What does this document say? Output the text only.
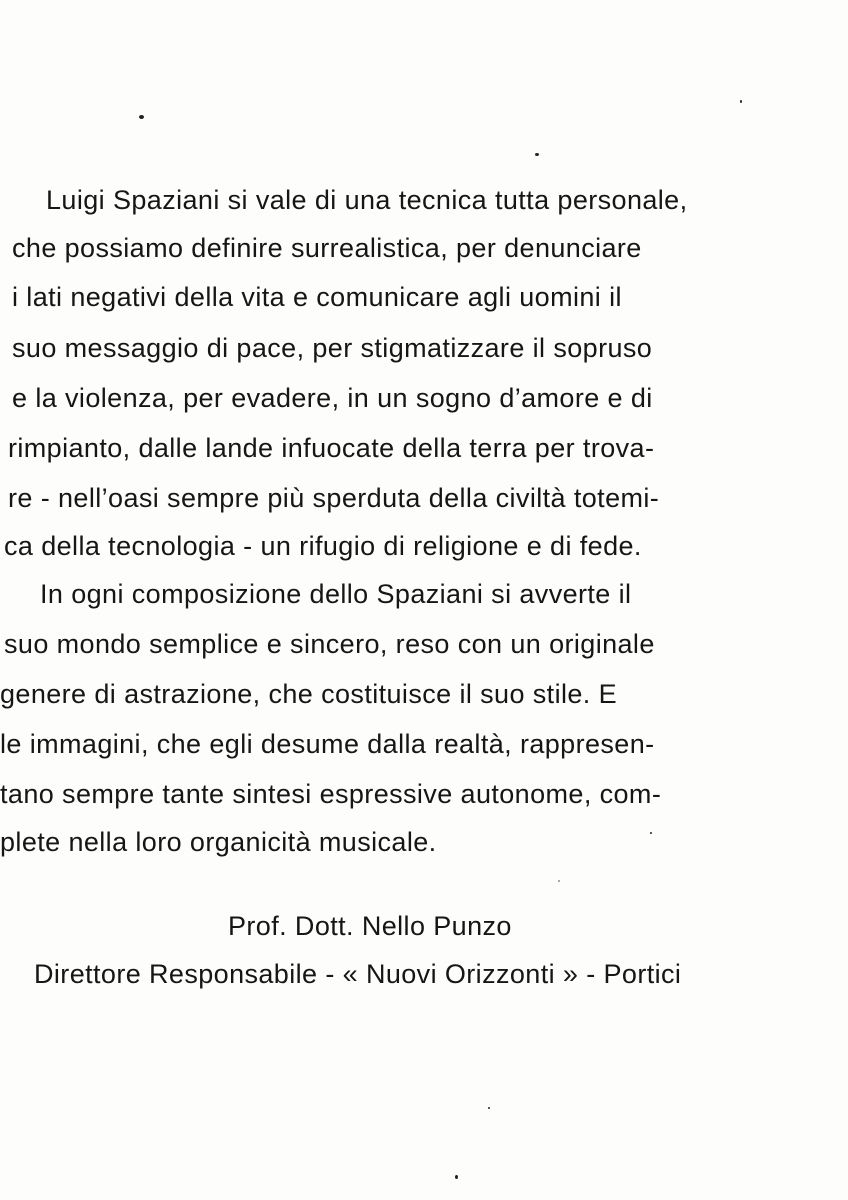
Luigi Spaziani si vale di una tecnica tutta personale,
che possiamo definire surrealistica, per denunciare
i lati negativi della vita e comunicare agli uomini il
suo messaggio di pace, per stigmatizzare il sopruso
e la violenza, per evadere, in un sogno d’amore e di
rimpianto, dalle lande infuocate della terra per trova-
re - nell’oasi sempre più sperduta della civiltà totemi-
ca della tecnologia - un rifugio di religione e di fede.
In ogni composizione dello Spaziani si avverte il
suo mondo semplice e sincero, reso con un originale
genere di astrazione, che costituisce il suo stile. E
le immagini, che egli desume dalla realtà, rappresen-
tano sempre tante sintesi espressive autonome, com-
plete nella loro organicità musicale.
Prof. Dott. Nello Punzo
Direttore Responsabile - « Nuovi Orizzonti » - Portici
